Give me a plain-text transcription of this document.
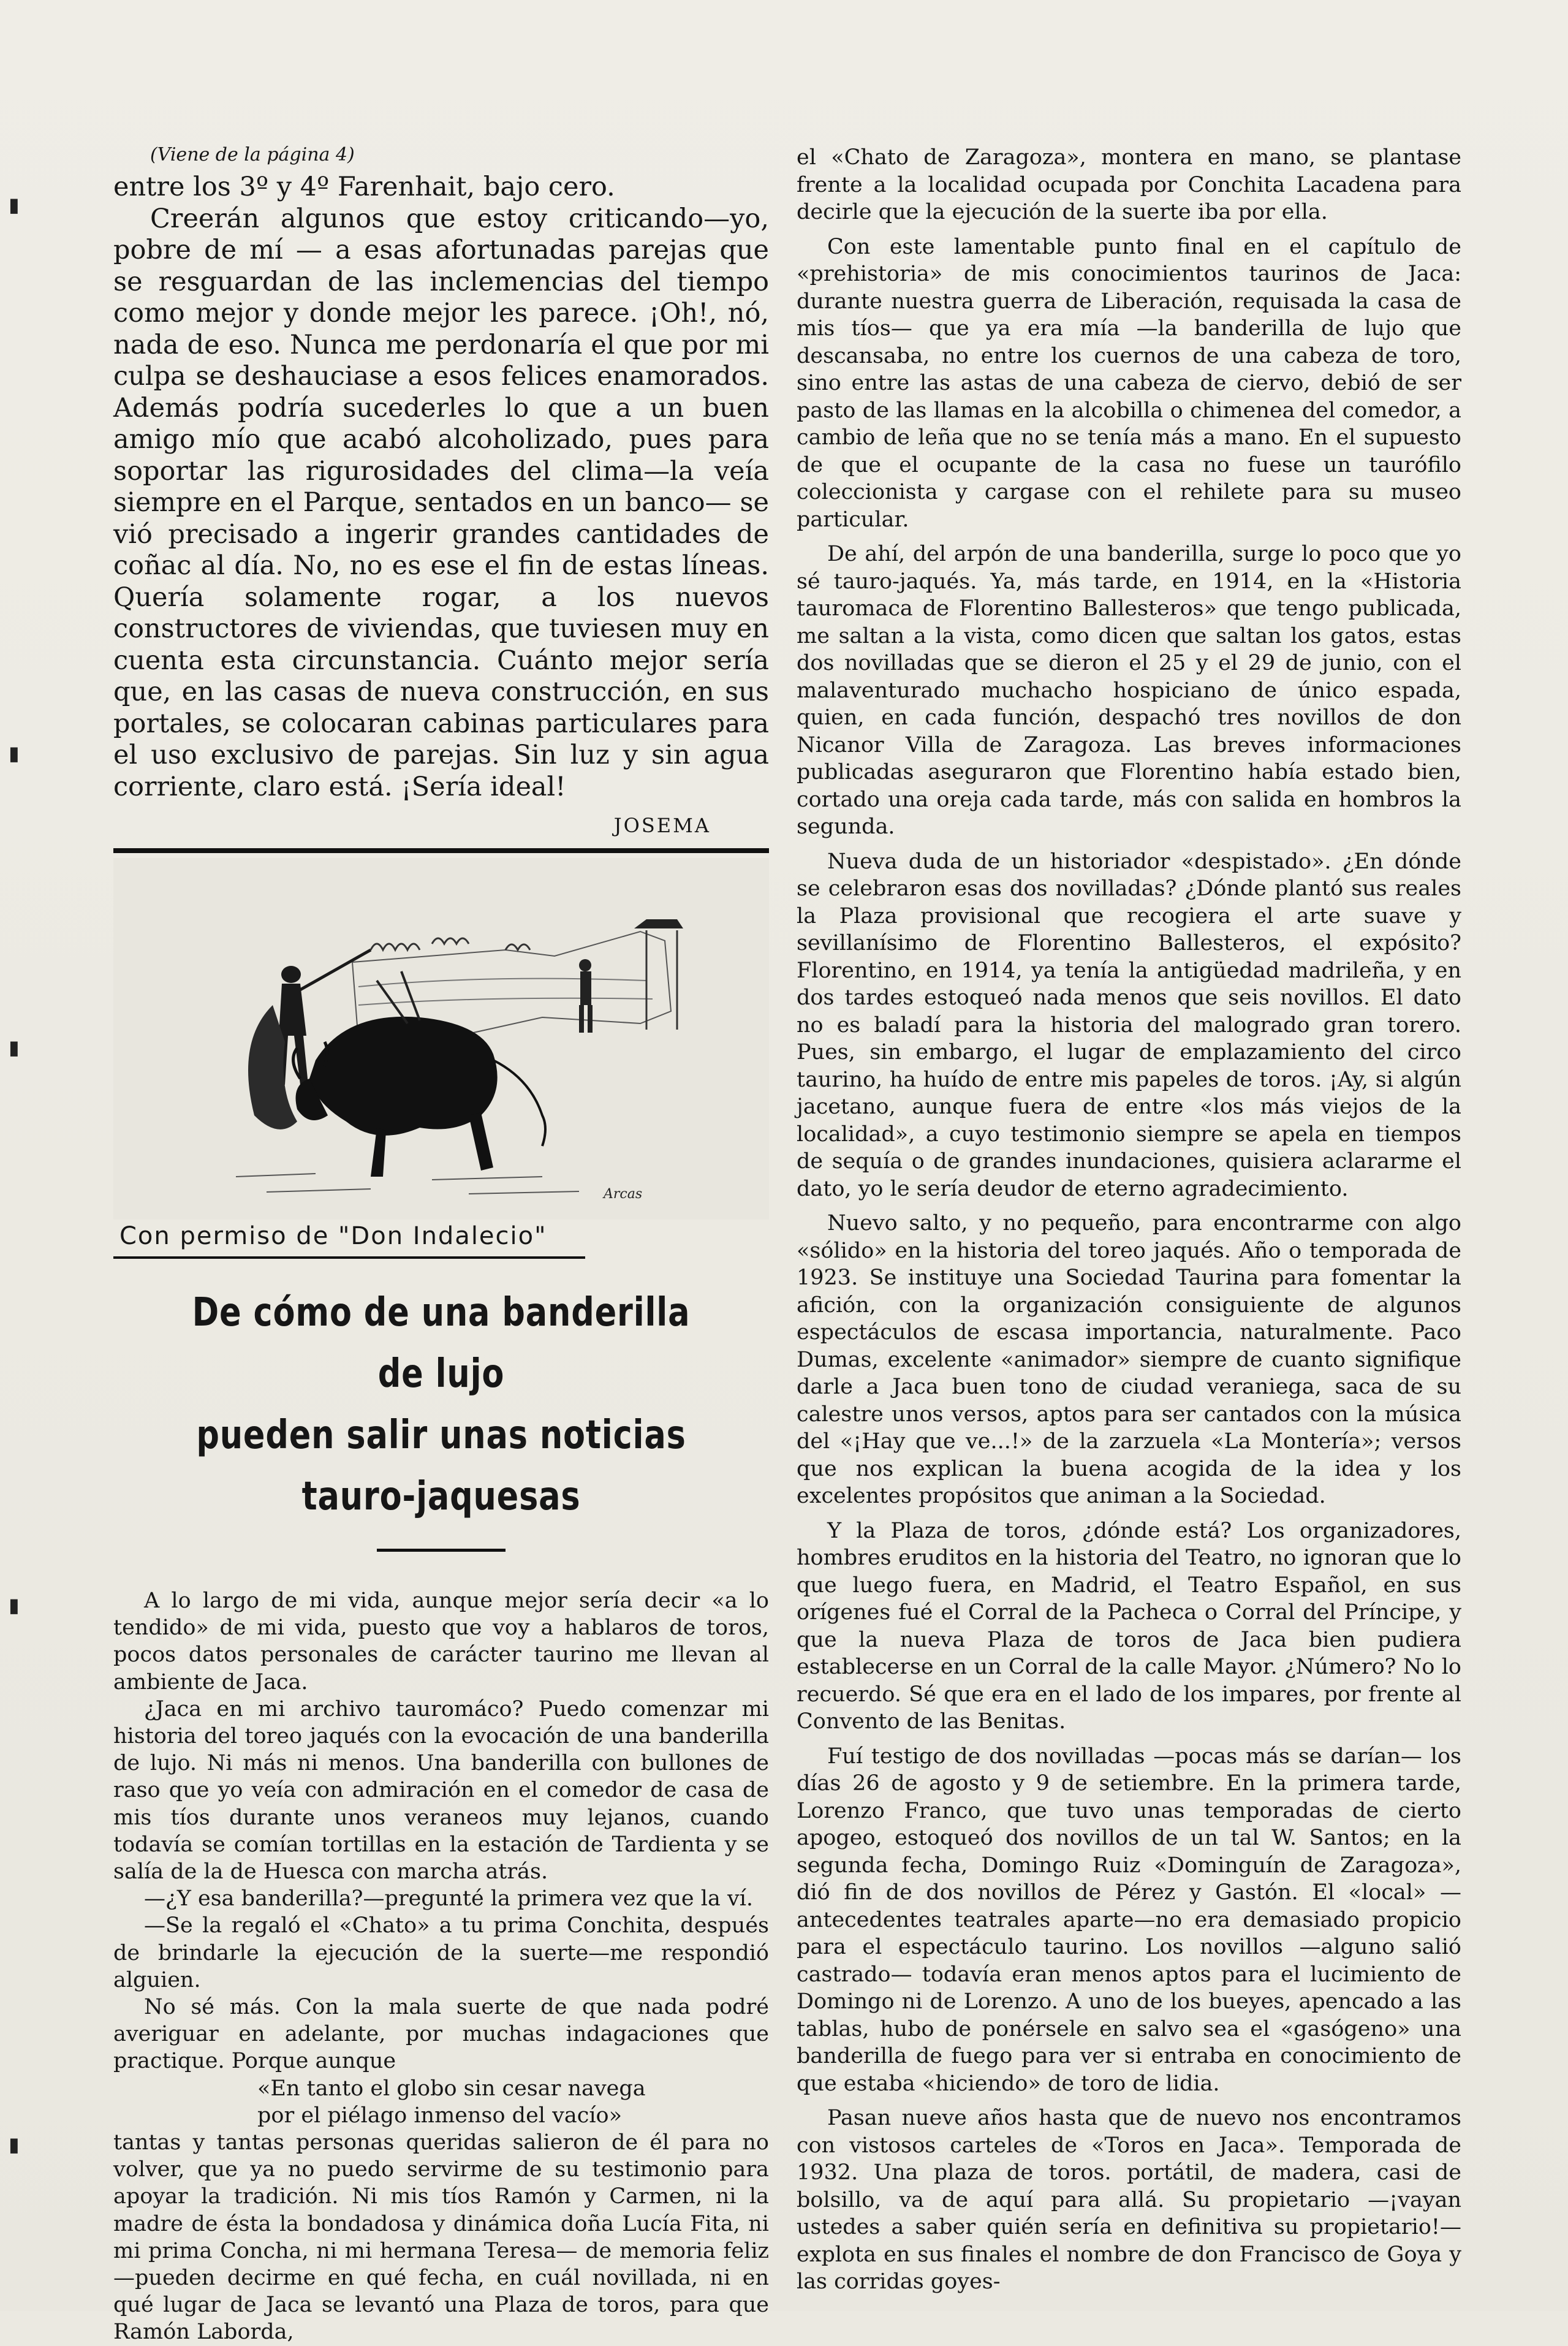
▮
▮
▮
▮
▮
(Viene de la página 4)

entre los 3º y 4º Farenhait, bajo cero.

Creerán algunos que estoy criticando—yo, pobre de mí — a esas afortunadas parejas que se resguardan de las inclemencias del tiempo como mejor y donde mejor les parece. ¡Oh!, nó, nada de eso. Nunca me perdonaría el que por mi culpa se deshauciase a esos felices enamorados. Además podría sucederles lo que a un buen amigo mío que acabó alcoholizado, pues para soportar las rigurosidades del clima—la veía siempre en el Parque, sentados en un banco— se vió precisado a ingerir grandes cantidades de coñac al día. No, no es ese el fin de estas líneas. Quería solamente rogar, a los nuevos constructores de viviendas, que tuviesen muy en cuenta esta circunstancia. Cuánto mejor sería que, en las casas de nueva construcción, en sus portales, se colocaran cabinas particulares para el uso exclusivo de parejas. Sin luz y sin agua corriente, claro está. ¡Sería ideal!

JOSEMA
Arcas
Con permiso de "Don Indalecio"
De cómo de una banderilla de lujo
pueden salir unas noticias tauro-jaquesas

A lo largo de mi vida, aunque mejor sería decir «a lo tendido» de mi vida, puesto que voy a hablaros de toros, pocos datos personales de carácter taurino me llevan al ambiente de Jaca.

¿Jaca en mi archivo tauromáco? Puedo comenzar mi historia del toreo jaqués con la evocación de una banderilla de lujo. Ni más ni menos. Una banderilla con bullones de raso que yo veía con admiración en el comedor de casa de mis tíos durante unos veraneos muy lejanos, cuando todavía se comían tortillas en la estación de Tardienta y se salía de la de Huesca con marcha atrás.

—¿Y esa banderilla?—pregunté la primera vez que la ví.

—Se la regaló el «Chato» a tu prima Conchita, después de brindarle la ejecución de la suerte—me respondió alguien.

No sé más. Con la mala suerte de que nada podré averiguar en adelante, por muchas indagaciones que practique. Porque aunque

«En tanto el globo sin cesar navega

por el piélago inmenso del vacío»

tantas y tantas personas queridas salieron de él para no volver, que ya no puedo servirme de su testimonio para apoyar la tradición. Ni mis tíos Ramón y Carmen, ni la madre de ésta la bondadosa y dinámica doña Lucía Fita, ni mi prima Concha, ni mi hermana Teresa— de memoria feliz—pueden decirme en qué fecha, en cuál novillada, ni en qué lugar de Jaca se levantó una Plaza de toros, para que Ramón Laborda,

el «Chato de Zaragoza», montera en mano, se plantase frente a la localidad ocupada por Conchita Lacadena para decirle que la ejecución de la suerte iba por ella.

Con este lamentable punto final en el capítulo de «prehistoria» de mis conocimientos taurinos de Jaca: durante nuestra guerra de Liberación, requisada la casa de mis tíos— que ya era mía —la banderilla de lujo que descansaba, no entre los cuernos de una cabeza de toro, sino entre las astas de una cabeza de ciervo, debió de ser pasto de las llamas en la alcobilla o chimenea del comedor, a cambio de leña que no se tenía más a mano. En el supuesto de que el ocupante de la casa no fuese un taurófilo coleccionista y cargase con el rehilete para su museo particular.

De ahí, del arpón de una banderilla, surge lo poco que yo sé tauro-jaqués. Ya, más tarde, en 1914, en la «Historia tauromaca de Florentino Ballesteros» que tengo publicada, me saltan a la vista, como dicen que saltan los gatos, estas dos novilladas que se dieron el 25 y el 29 de junio, con el malaventurado muchacho hospiciano de único espada, quien, en cada función, despachó tres novillos de don Nicanor Villa de Zaragoza. Las breves informaciones publicadas aseguraron que Florentino había estado bien, cortado una oreja cada tarde, más con salida en hombros la segunda.

Nueva duda de un historiador «despistado». ¿En dónde se celebraron esas dos novilladas? ¿Dónde plantó sus reales la Plaza provisional que recogiera el arte suave y sevillanísimo de Florentino Ballesteros, el expósito? Florentino, en 1914, ya tenía la antigüedad madrileña, y en dos tardes estoqueó nada menos que seis novillos. El dato no es baladí para la historia del malogrado gran torero. Pues, sin embargo, el lugar de emplazamiento del circo taurino, ha huído de entre mis papeles de toros. ¡Ay, si algún jacetano, aunque fuera de entre «los más viejos de la localidad», a cuyo testimonio siempre se apela en tiempos de sequía o de grandes inundaciones, quisiera aclararme el dato, yo le sería deudor de eterno agradecimiento.

Nuevo salto, y no pequeño, para encontrarme con algo «sólido» en la historia del toreo jaqués. Año o temporada de 1923. Se instituye una Sociedad Taurina para fomentar la afición, con la organización consiguiente de algunos espectáculos de escasa importancia, naturalmente. Paco Dumas, excelente «animador» siempre de cuanto signifique darle a Jaca buen tono de ciudad veraniega, saca de su calestre unos versos, aptos para ser cantados con la música del «¡Hay que ve...!» de la zarzuela «La Montería»; versos que nos explican la buena acogida de la idea y los excelentes propósitos que animan a la Sociedad.

Y la Plaza de toros, ¿dónde está? Los organizadores, hombres eruditos en la historia del Teatro, no ignoran que lo que luego fuera, en Madrid, el Teatro Español, en sus orígenes fué el Corral de la Pacheca o Corral del Príncipe, y que la nueva Plaza de toros de Jaca bien pudiera establecerse en un Corral de la calle Mayor. ¿Número? No lo recuerdo. Sé que era en el lado de los impares, por frente al Convento de las Benitas.

Fuí testigo de dos novilladas —pocas más se darían— los días 26 de agosto y 9 de setiembre. En la primera tarde, Lorenzo Franco, que tuvo unas temporadas de cierto apogeo, estoqueó dos novillos de un tal W. Santos; en la segunda fecha, Domingo Ruiz «Dominguín de Zaragoza», dió fin de dos novillos de Pérez y Gastón. El «local» —antecedentes teatrales aparte—no era demasiado propicio para el espectáculo taurino. Los novillos —alguno salió castrado— todavía eran menos aptos para el lucimiento de Domingo ni de Lorenzo. A uno de los bueyes, apencado a las tablas, hubo de ponérsele en salvo sea el «gasógeno» una banderilla de fuego para ver si entraba en conocimiento de que estaba «hiciendo» de toro de lidia.

Pasan nueve años hasta que de nuevo nos encontramos con vistosos carteles de «Toros en Jaca». Temporada de 1932. Una plaza de toros. portátil, de madera, casi de bolsillo, va de aquí para allá. Su propietario —¡vayan ustedes a saber quién sería en definitiva su propietario!— explota en sus finales el nombre de don Francisco de Goya y las corridas goyes-
